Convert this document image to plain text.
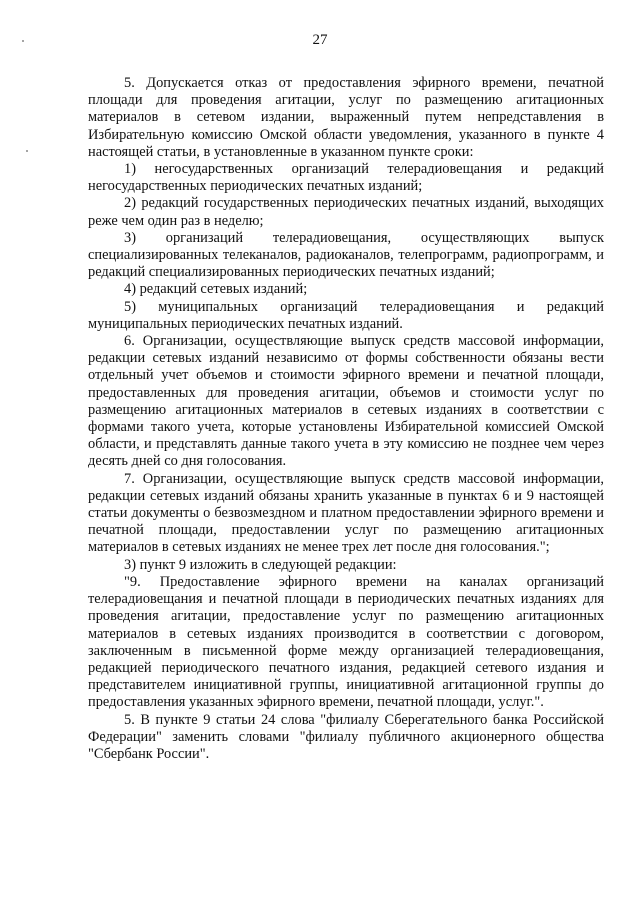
27

5. Допускается отказ от предоставления эфирного времени, печатной площади для проведения агитации, услуг по размещению агитационных материалов в сетевом издании, выраженный путем непредставления в Избирательную комиссию Омской области уведомления, указанного в пункте 4 настоящей статьи, в установленные в указанном пункте сроки:

1) негосударственных организаций телерадиовещания и редакций негосударственных периодических печатных изданий;

2) редакций государственных периодических печатных изданий, выходящих реже чем один раз в неделю;

3) организаций телерадиовещания, осуществляющих выпуск специализированных телеканалов, радиоканалов, телепрограмм, радиопрограмм, и редакций специализированных периодических печатных изданий;

4) редакций сетевых изданий;

5) муниципальных организаций телерадиовещания и редакций муниципальных периодических печатных изданий.

6. Организации, осуществляющие выпуск средств массовой информации, редакции сетевых изданий независимо от формы собственности обязаны вести отдельный учет объемов и стоимости эфирного времени и печатной площади, предоставленных для проведения агитации, объемов и стоимости услуг по размещению агитационных материалов в сетевых изданиях в соответствии с формами такого учета, которые установлены Избирательной комиссией Омской области, и представлять данные такого учета в эту комиссию не позднее чем через десять дней со дня голосования.

7. Организации, осуществляющие выпуск средств массовой информации, редакции сетевых изданий обязаны хранить указанные в пунктах 6 и 9 настоящей статьи документы о безвозмездном и платном предоставлении эфирного времени и печатной площади, предоставлении услуг по размещению агитационных материалов в сетевых изданиях не менее трех лет после дня голосования.";

3) пункт 9 изложить в следующей редакции:

"9. Предоставление эфирного времени на каналах организаций телерадиовещания и печатной площади в периодических печатных изданиях для проведения агитации, предоставление услуг по размещению агитационных материалов в сетевых изданиях производится в соответствии с договором, заключенным в письменной форме между организацией телерадиовещания, редакцией периодического печатного издания, редакцией сетевого издания и представителем инициативной группы, инициативной агитационной группы до предоставления указанных эфирного времени, печатной площади, услуг.".

5. В пункте 9 статьи 24 слова "филиалу Сберегательного банка Российской Федерации" заменить словами "филиалу публичного акционерного общества "Сбербанк России".
